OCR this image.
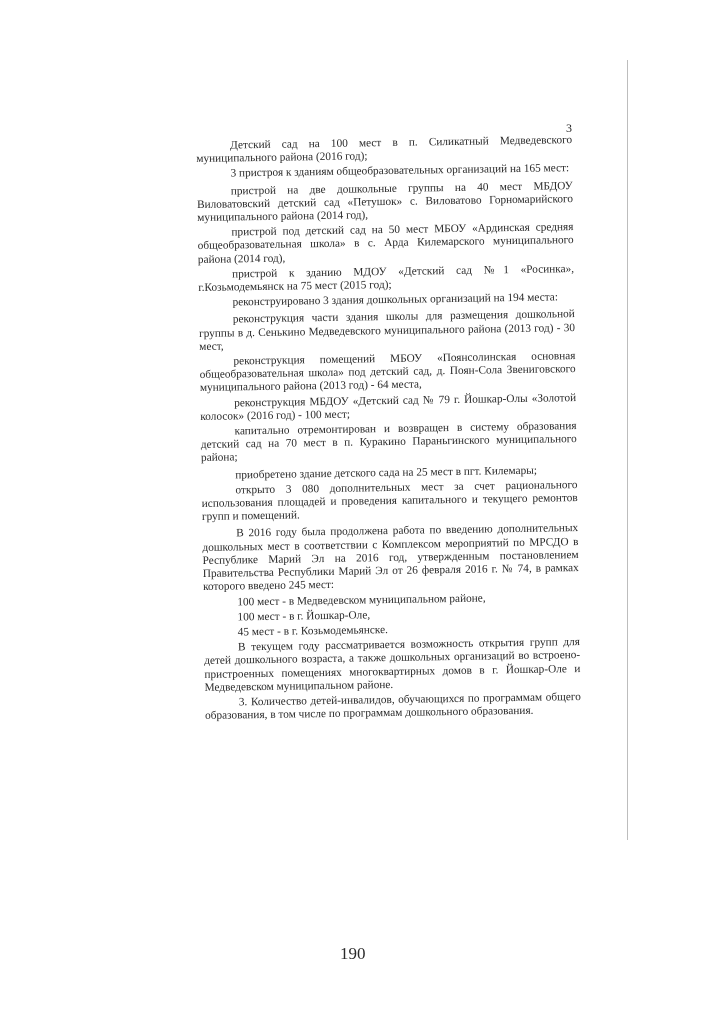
3

Детский сад на 100 мест в п. Силикатный Медведевского муниципального района (2016 год);

3 пристроя к зданиям общеобразовательных организаций на 165 мест:

пристрой на две дошкольные группы на 40 мест МБДОУ Виловатовский детский сад «Петушок» с. Виловатово Горномарийского муниципального района (2014 год),

пристрой под детский сад на 50 мест МБОУ «Ардинская средняя общеобразовательная школа» в с. Арда Килемарского муниципального района (2014 год),

пристрой к зданию МДОУ «Детский сад №1 «Росинка», г.Козьмодемьянск на 75 мест (2015 год);

реконструировано 3 здания дошкольных организаций на 194 места:

реконструкция части здания школы для размещения дошкольной группы в д. Сенькино Медведевского муниципального района (2013 год) - 30 мест,

реконструкция помещений МБОУ «Поянсолинская основная общеобразовательная школа» под детский сад, д. Поян-Сола Звениговского муниципального района (2013 год) - 64 места,

реконструкция МБДОУ «Детский сад № 79 г. Йошкар-Олы «Золотой колосок» (2016 год) - 100 мест;

капитально отремонтирован и возвращен в систему образования детский сад на 70 мест в п. Куракино Параньгинского муниципального района;

приобретено здание детского сада на 25 мест в пгт. Килемары;

открыто 3 080 дополнительных мест за счет рационального использования площадей и проведения капитального и текущего ремонтов групп и помещений.

В 2016 году была продолжена работа по введению дополнительных дошкольных мест в соответствии с Комплексом мероприятий по МРСДО в Республике Марий Эл на 2016 год, утвержденным постановлением Правительства Республики Марий Эл от 26 февраля 2016 г. № 74, в рамках которого введено 245 мест:

100 мест - в Медведевском муниципальном районе,

100 мест - в г. Йошкар-Оле,

45 мест - в г. Козьмодемьянске.

В текущем году рассматривается возможность открытия групп для детей дошкольного возраста, а также дошкольных организаций во встроено-пристроенных помещениях многоквартирных домов в г. Йошкар-Оле и Медведевском муниципальном районе.

3. Количество детей-инвалидов, обучающихся по программам общего образования, в том числе по программам дошкольного образования.

190
